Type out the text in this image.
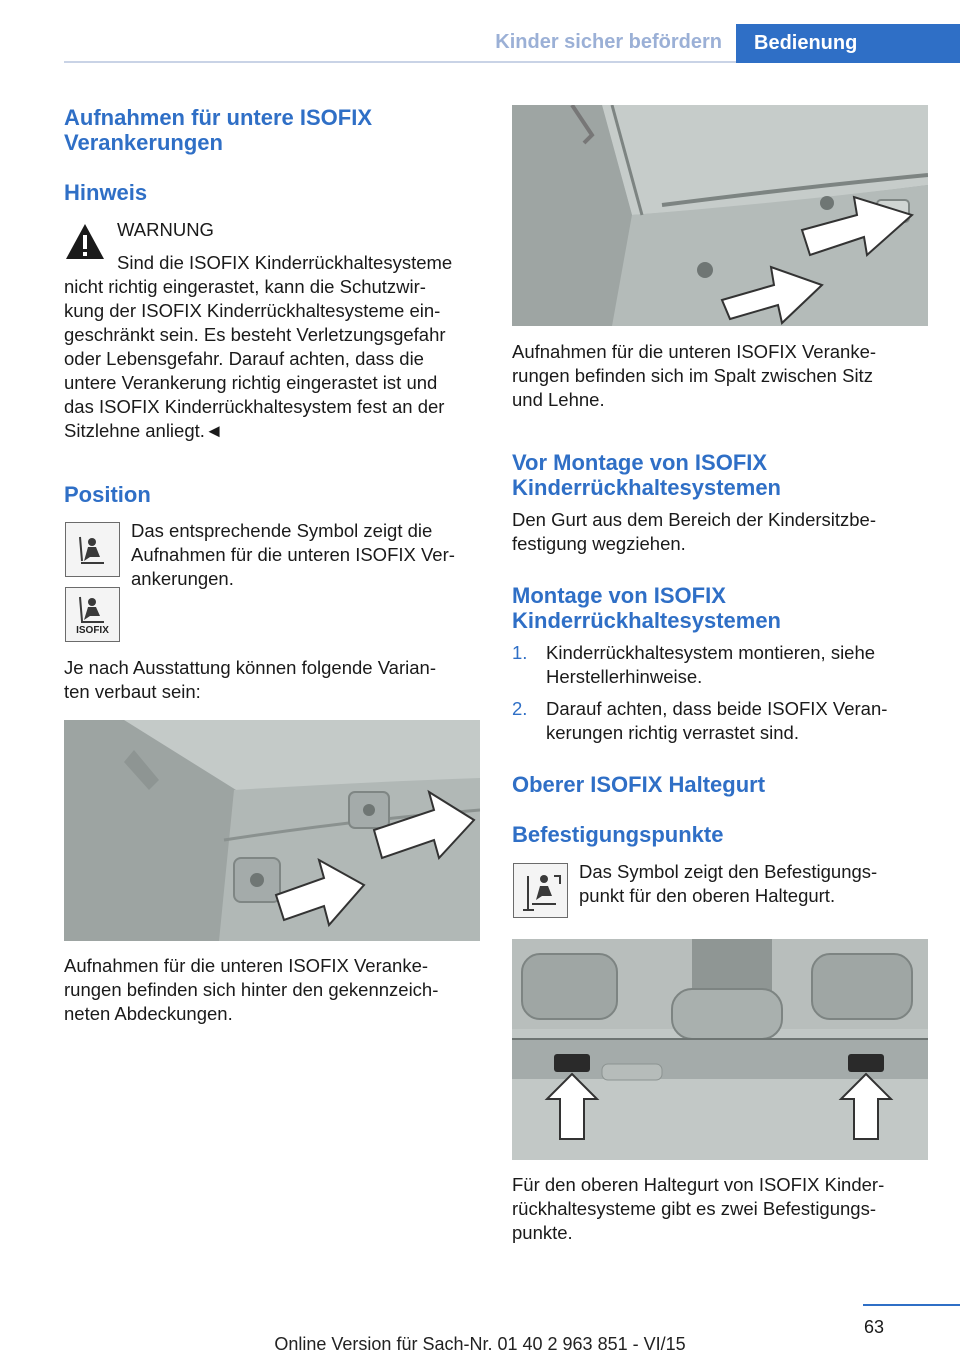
Kinder sicher befördern	Bedienung
Aufnahmen für untere ISOFIX Verankerungen
Hinweis

WARNUNG

Sind die ISOFIX Kinderrückhaltesysteme

nicht richtig eingerastet, kann die Schutzwir-

kung der ISOFIX Kinderrückhaltesysteme ein-

geschränkt sein. Es besteht Verletzungsgefahr

oder Lebensgefahr. Darauf achten, dass die

untere Verankerung richtig eingerastet ist und

das ISOFIX Kinderrückhaltesystem fest an der

Sitzlehne anliegt.◄

Position
ISOFIX

Das entsprechende Symbol zeigt die

Aufnahmen für die unteren ISOFIX Ver-

ankerungen.

Je nach Ausstattung können folgende Varian-

ten verbaut sein:

Aufnahmen für die unteren ISOFIX Veranke-

rungen befinden sich hinter den gekennzeich-

neten Abdeckungen.

Aufnahmen für die unteren ISOFIX Veranke-

rungen befinden sich im Spalt zwischen Sitz

und Lehne.

Vor Montage von ISOFIX
Kinderrückhaltesystemen

Den Gurt aus dem Bereich der Kindersitzbe-

festigung wegziehen.

Montage von ISOFIX
Kinderrückhaltesystemen
1. Kinderrückhaltesystem montieren, siehe

Herstellerhinweise.

2. Darauf achten, dass beide ISOFIX Veran-

kerungen richtig verrastet sind.

Oberer ISOFIX Haltegurt
Befestigungspunkte

Das Symbol zeigt den Befestigungs-

punkt für den oberen Haltegurt.

Für den oberen Haltegurt von ISOFIX Kinder-

rückhaltesysteme gibt es zwei Befestigungs-

punkte.

63
Online Version für Sach-Nr. 01 40 2 963 851 - VI/15
